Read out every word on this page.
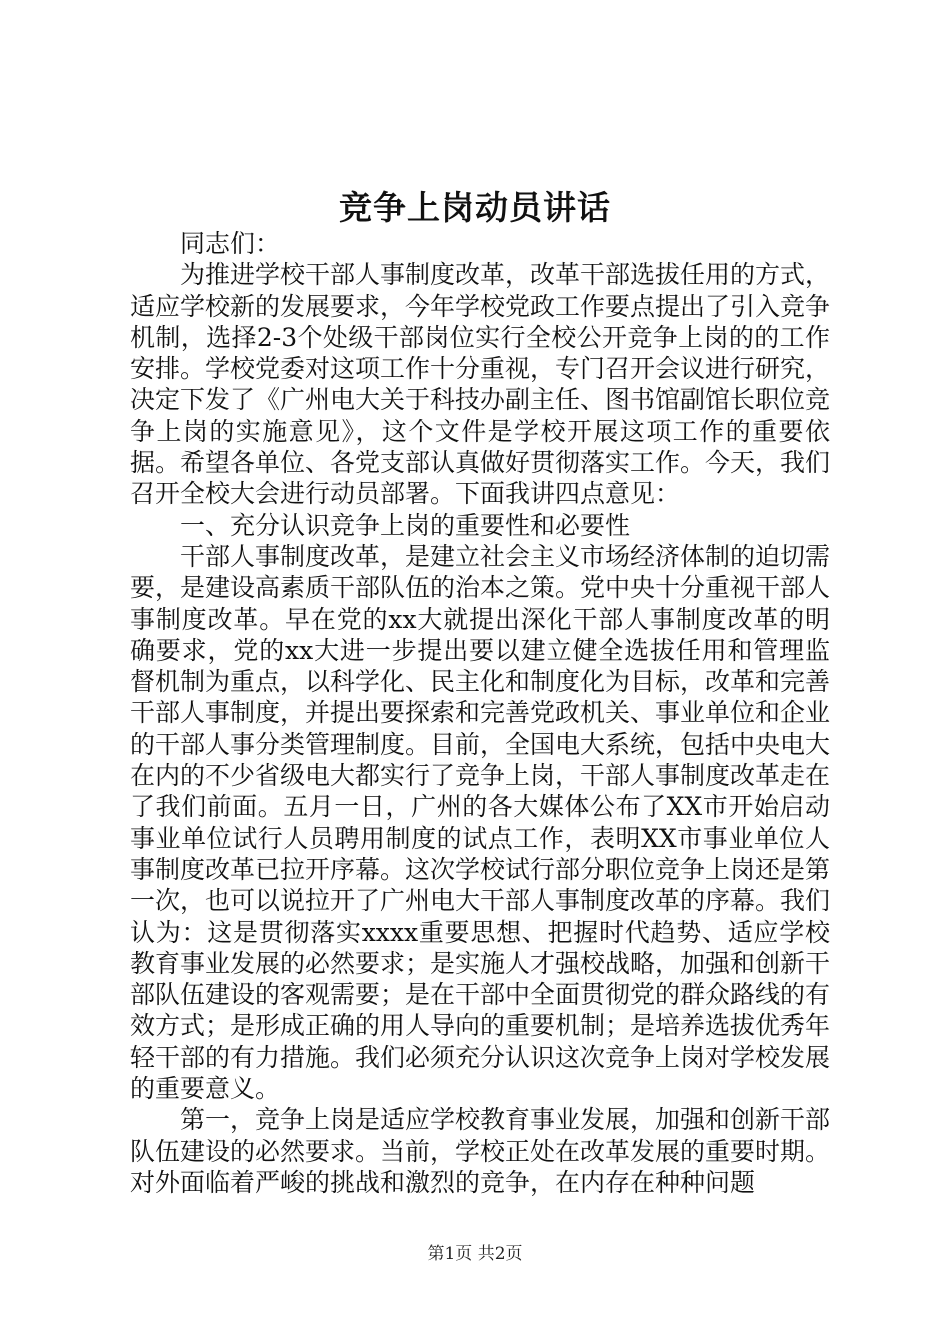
竞争上岗动员讲话

同志们：

为推进学校干部人事制度改革，改革干部选拔任用的方式，适应学校新的发展要求，今年学校党政工作要点提出了引入竞争机制，选择2-3个处级干部岗位实行全校公开竞争上岗的的工作安排。学校党委对这项工作十分重视，专门召开会议进行研究，决定下发了《广州电大关于科技办副主任、图书馆副馆长职位竞争上岗的实施意见》，这个文件是学校开展这项工作的重要依据。希望各单位、各党支部认真做好贯彻落实工作。今天，我们召开全校大会进行动员部署。下面我讲四点意见：

一、充分认识竞争上岗的重要性和必要性

干部人事制度改革，是建立社会主义市场经济体制的迫切需要，是建设高素质干部队伍的治本之策。党中央十分重视干部人事制度改革。早在党的xx大就提出深化干部人事制度改革的明确要求，党的xx大进一步提出要以建立健全选拔任用和管理监督机制为重点，以科学化、民主化和制度化为目标，改革和完善干部人事制度，并提出要探索和完善党政机关、事业单位和企业的干部人事分类管理制度。目前，全国电大系统，包括中央电大在内的不少省级电大都实行了竞争上岗，干部人事制度改革走在了我们前面。五月一日，广州的各大媒体公布了XX市开始启动事业单位试行人员聘用制度的试点工作，表明XX市事业单位人事制度改革已拉开序幕。这次学校试行部分职位竞争上岗还是第一次，也可以说拉开了广州电大干部人事制度改革的序幕。我们认为：这是贯彻落实xxxx重要思想、把握时代趋势、适应学校教育事业发展的必然要求；是实施人才强校战略，加强和创新干部队伍建设的客观需要；是在干部中全面贯彻党的群众路线的有效方式；是形成正确的用人导向的重要机制；是培养选拔优秀年轻干部的有力措施。我们必须充分认识这次竞争上岗对学校发展的重要意义。

第一，竞争上岗是适应学校教育事业发展，加强和创新干部队伍建设的必然要求。当前，学校正处在改革发展的重要时期。对外面临着严峻的挑战和激烈的竞争，在内存在种种问题

第1页 共2页
